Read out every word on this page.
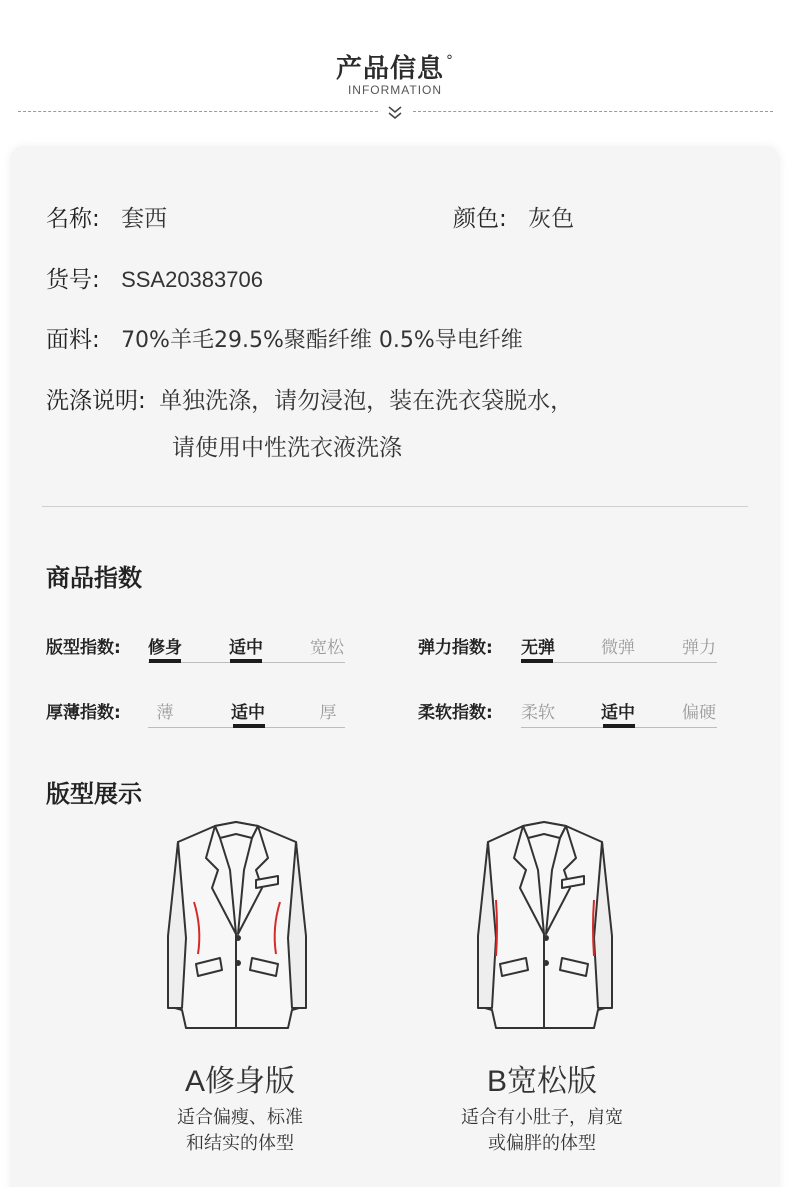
产品信息 °
INFORMATION
名称: 套西	颜色: 灰色
货号: SSA20383706
面料: 70%羊毛29.5%聚酯纤维 0.5%导电纤维
洗涤说明: 单独洗涤，请勿浸泡，装在洗衣袋脱水，
请使用中性洗衣液洗涤
商品指数
版型指数:	修身	适中	宽松	弹力指数:	无弹	微弹	弹力
厚薄指数:	薄	适中	厚	柔软指数:	柔软	适中	偏硬
版型展示
A修身版
适合偏瘦、标准
和结实的体型
B宽松版
适合有小肚子，肩宽
或偏胖的体型
